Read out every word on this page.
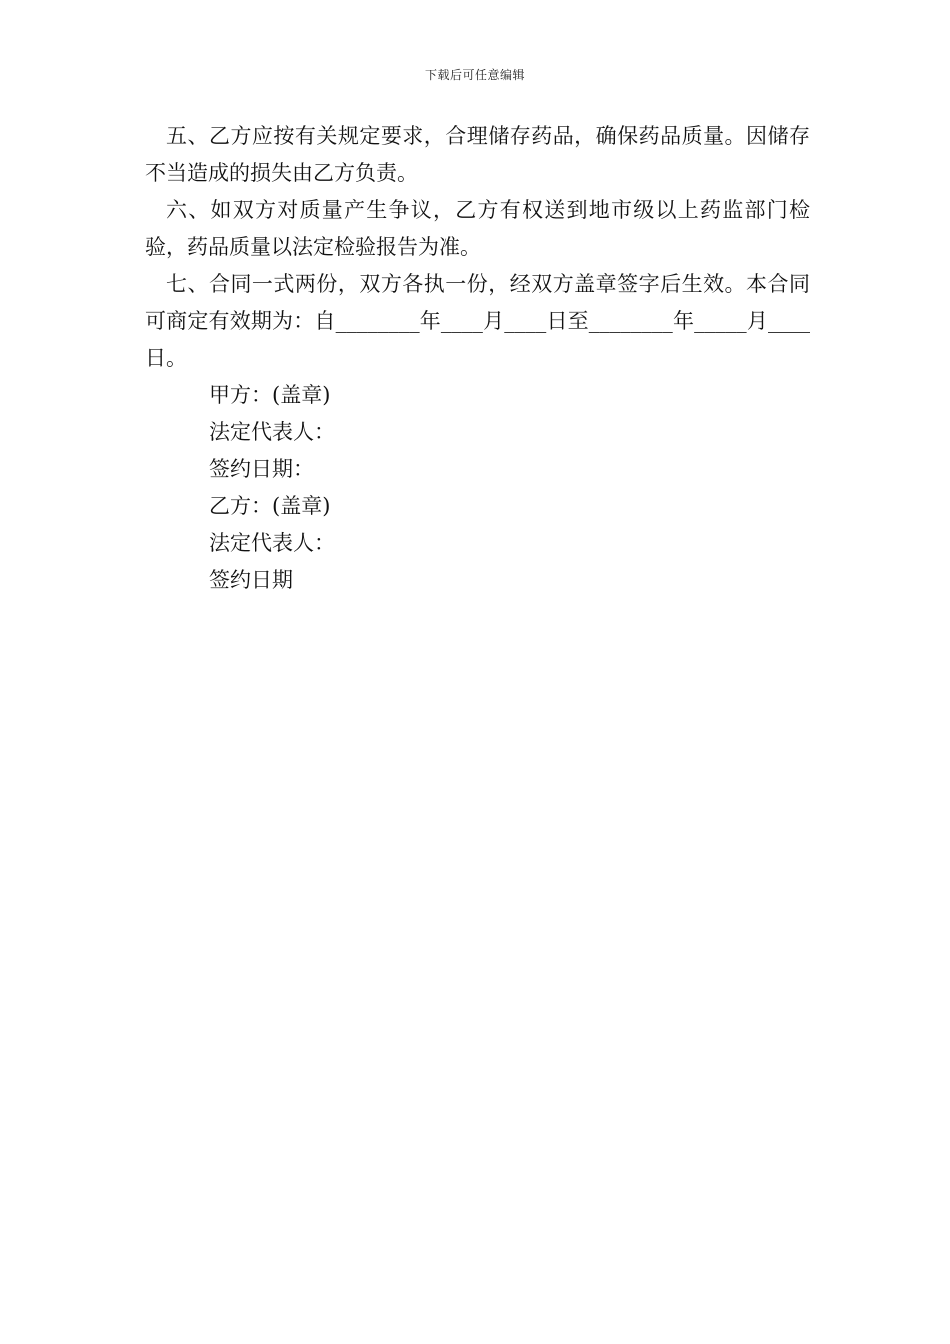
下载后可任意编辑

五、乙方应按有关规定要求，合理储存药品，确保药品质量。因储存不当造成的损失由乙方负责。

六、如双方对质量产生争议，乙方有权送到地市级以上药监部门检验，药品质量以法定检验报告为准。

七、合同一式两份，双方各执一份，经双方盖章签字后生效。本合同可商定有效期为：自________年____月____日至________年_____月____日。

甲方：(盖章)

法定代表人：

签约日期：

乙方：(盖章)

法定代表人：

签约日期
